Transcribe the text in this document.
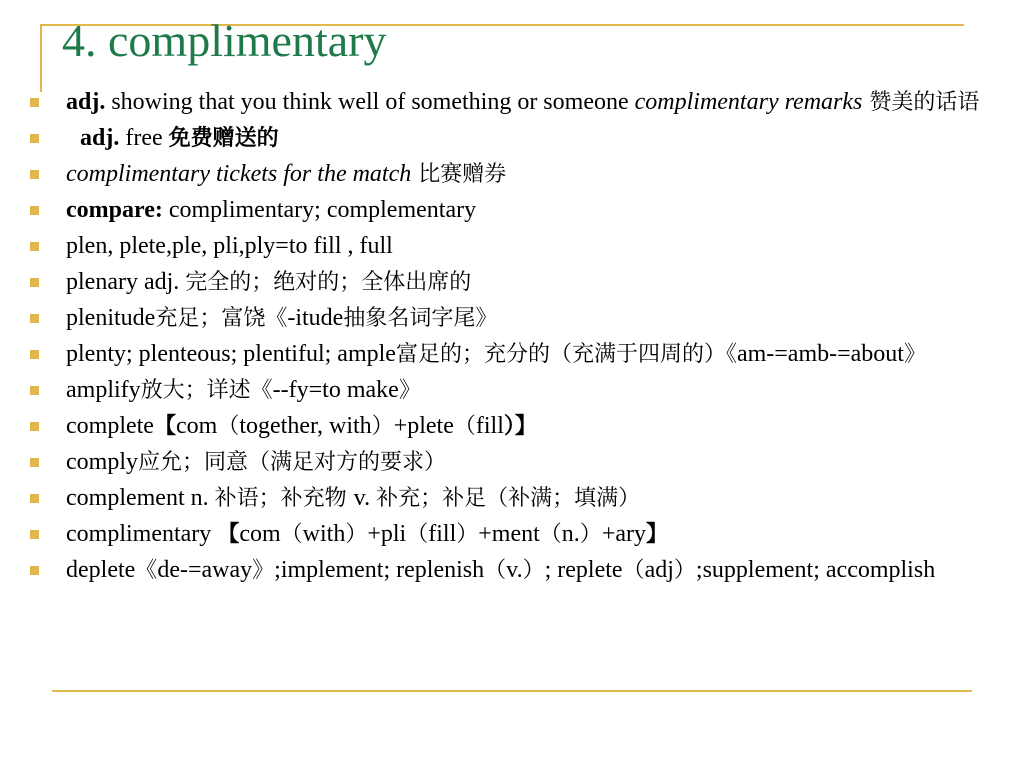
4. complimentary
adj. showing that you think well of something or someone complimentary remarks 赞美的话语
adj. free 免费赠送的
complimentary tickets for the match 比赛赠券
compare: complimentary; complementary
plen, plete,ple, pli,ply=to fill , full
plenary adj. 完全的；绝对的；全体出席的
plenitude充足；富饶《-itude抽象名词字尾》
plenty; plenteous; plentiful; ample富足的；充分的（充满于四周的）《am-=amb-=about》
amplify放大；详述《--fy=to make》
complete【com（together, with）+plete（fill）】
comply应允；同意（满足对方的要求）
complement n. 补语；补充物 v. 补充；补足（补满；填满）
complimentary 【com（with）+pli（fill）+ment（n.）+ary】
deplete《de-=away》;implement; replenish（v.）; replete（adj）;supplement; accomplish
